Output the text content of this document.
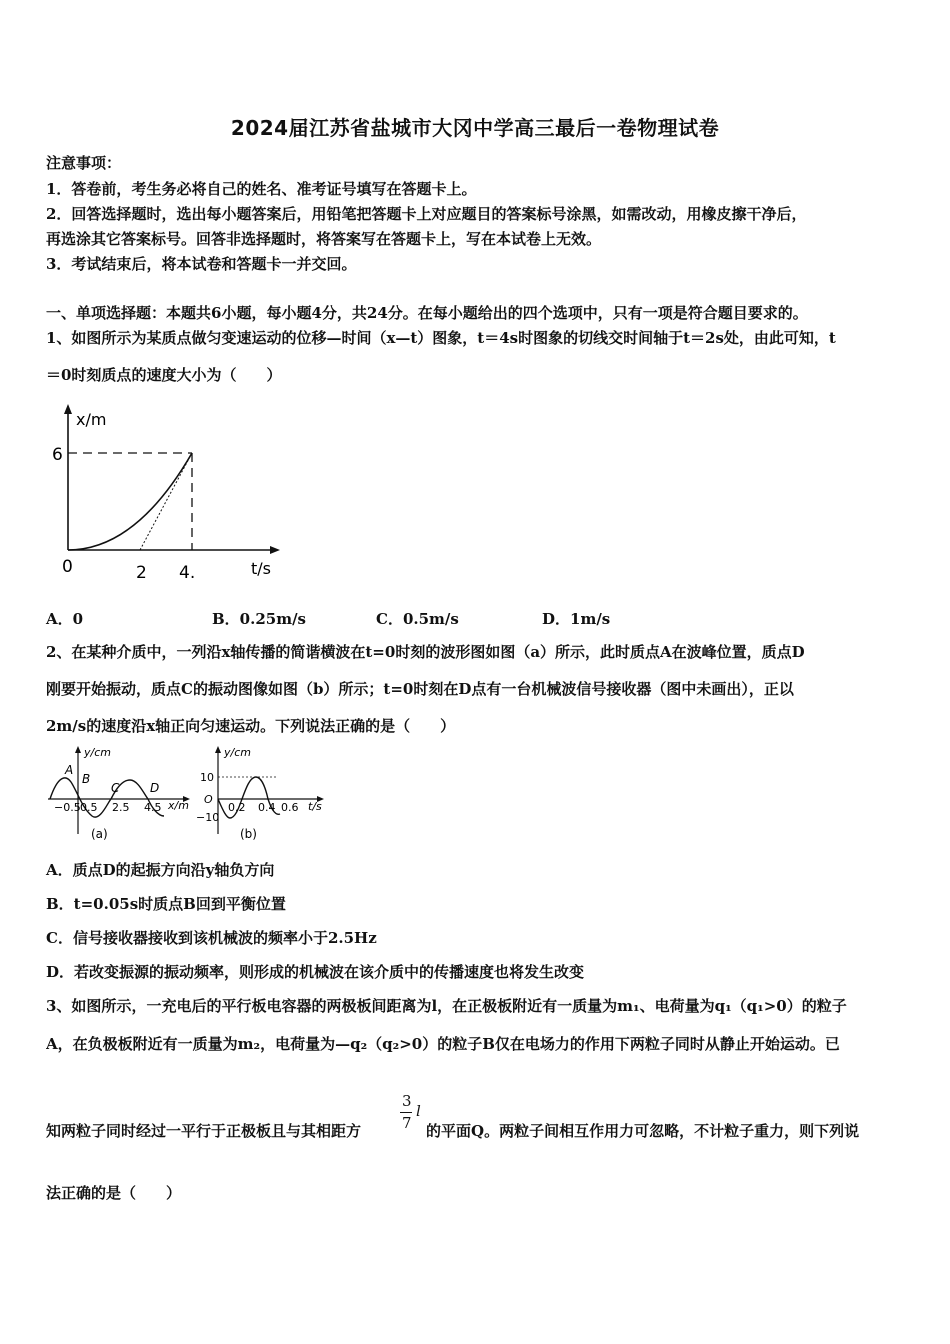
2024届江苏省盐城市大冈中学高三最后一卷物理试卷
注意事项：
1．答卷前，考生务必将自己的姓名、准考证号填写在答题卡上。
2．回答选择题时，选出每小题答案后，用铅笔把答题卡上对应题目的答案标号涂黑，如需改动，用橡皮擦干净后，
再选涂其它答案标号。回答非选择题时，将答案写在答题卡上，写在本试卷上无效。
3．考试结束后，将本试卷和答题卡一并交回。
一、单项选择题：本题共6小题，每小题4分，共24分。在每小题给出的四个选项中，只有一项是符合题目要求的。
1、如图所示为某质点做匀变速运动的位移—时间（x—t）图象，t＝4s时图象的切线交时间轴于t＝2s处，由此可知，t
＝0时刻质点的速度大小为（　　）
x/m
6
0	2 4.	t/s
A．0	B．0.25m/s	C．0.5m/s	D．1m/s
2、在某种介质中，一列沿x轴传播的简谐横波在t=0时刻的波形图如图（a）所示，此时质点A在波峰位置，质点D
刚要开始振动，质点C的振动图像如图（b）所示；t=0时刻在D点有一台机械波信号接收器（图中未画出），正以
2m/s的速度沿x轴正向匀速运动。下列说法正确的是（　　）
y/cm
A
B
C	D
−0.5 0.5 2.5 4.5 x/m
(a)
y/cm
10
O
−10
0.2 0.4 0.6 t/s
(b)
A．质点D的起振方向沿y轴负方向
B．t=0.05s时质点B回到平衡位置
C．信号接收器接收到该机械波的频率小于2.5Hz
D．若改变振源的振动频率，则形成的机械波在该介质中的传播速度也将发生改变
3、如图所示，一充电后的平行板电容器的两极板间距离为l，在正极板附近有一质量为m₁、电荷量为q₁（q₁>0）的粒子
A，在负极板附近有一质量为m₂，电荷量为—q₂（q₂>0）的粒子B仅在电场力的作用下两粒子同时从静止开始运动。已
知两粒子同时经过一平行于正极板且与其相距方
3
7
l
的平面Q。两粒子间相互作用力可忽略，不计粒子重力，则下列说
法正确的是（　　）
